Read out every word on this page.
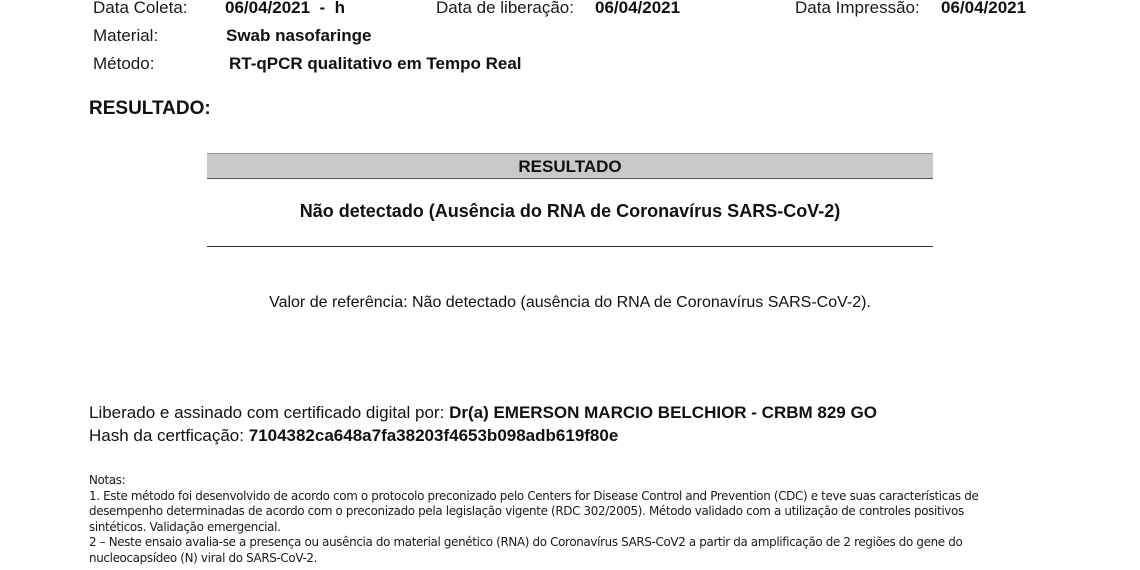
Data Coleta: 06/04/2021  -  h	Data de liberação: 06/04/2021	Data Impressão: 06/04/2021
Material:	Swab nasofaringe
Método:	RT-qPCR qualitativo em Tempo Real
RESULTADO:
RESULTADO
Não detectado (Ausência do RNA de Coronavírus SARS-CoV-2)
Valor de referência: Não detectado (ausência do RNA de Coronavírus SARS-CoV-2).
Liberado e assinado com certificado digital por: Dr(a) EMERSON MARCIO BELCHIOR - CRBM 829 GO
Hash da certficação: 7104382ca648a7fa38203f4653b098adb619f80e

Notas:

1. Este método foi desenvolvido de acordo com o protocolo preconizado pelo Centers for Disease Control and Prevention (CDC) e teve suas características de desempenho determinadas de acordo com o preconizado pela legislação vigente (RDC 302/2005). Método validado com a utilização de controles positivos sintéticos. Validação emergencial.

2 – Neste ensaio avalia-se a presença ou ausência do material genético (RNA) do Coronavírus SARS-CoV2 a partir da amplificação de 2 regiões do gene do nucleocapsídeo (N) viral do SARS-CoV-2.
